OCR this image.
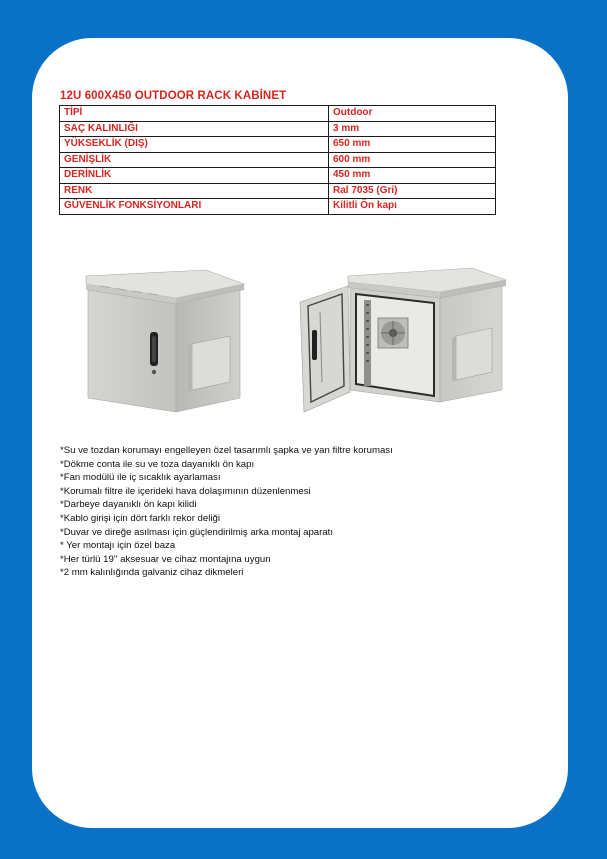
12U 600X450 OUTDOOR RACK KABİNET
TİPİ	Outdoor
SAÇ KALINLIĞI	3 mm
YÜKSEKLİK (DIŞ)	650 mm
GENİŞLİK	600 mm
DERİNLİK	450 mm
RENK	Ral 7035 (Gri)
GÜVENLİK FONKSİYONLARI	Kilitli Ön kapı
*Su ve tozdan korumayı engelleyen özel tasarımlı şapka ve yan filtre koruması
*Dökme conta ile su ve toza dayanıklı ön kapı
*Fan modülü ile iç sıcaklık ayarlaması
*Korumalı filtre ile içerideki hava dolaşımının düzenlenmesi
*Darbeye dayanıklı ön kapı kilidi
*Kablo girişi için dört farklı rekor deliği
*Duvar ve direğe asılması için güçlendirilmiş arka montaj aparatı
* Yer montajı için özel baza
*Her türlü 19'' aksesuar ve cihaz montajına uygun
*2 mm kalınlığında galvaniz cihaz dikmeleri
